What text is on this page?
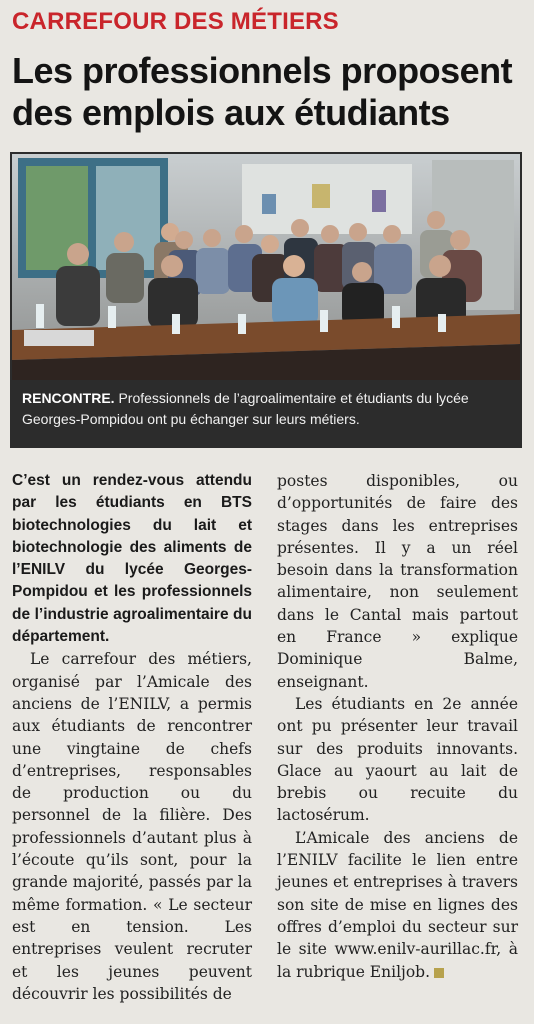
CARREFOUR DES MÉTIERS
Les professionnels proposent
des emplois aux étudiants
RENCONTRE. Professionnels de l’agroalimentaire et étudiants du lycée Georges-Pompidou ont pu échanger sur leurs métiers.

C’est un rendez-vous attendu par les étudiants en BTS biotechnologies du lait et biotechnologie des aliments de l’ENILV du lycée Georges-Pompidou et les professionnels de l’industrie agroalimentaire du département.

Le carrefour des métiers, organisé par l’Amicale des anciens de l’ENILV, a permis aux étudiants de rencontrer une vingtaine de chefs d’entreprises, responsables de production ou du personnel de la filière. Des professionnels d’autant plus à l’écoute qu’ils sont, pour la grande majorité, passés par la même formation. « Le secteur est en tension. Les entreprises veulent recruter et les jeunes peuvent découvrir les possibilités de

postes disponibles, ou d’opportunités de faire des stages dans les entreprises présentes. Il y a un réel besoin dans la transformation alimentaire, non seulement dans le Cantal mais partout en France » explique Dominique Balme, enseignant.

Les étudiants en 2e année ont pu présenter leur travail sur des produits innovants. Glace au yaourt au lait de brebis ou recuite du lactosérum.

L’Amicale des anciens de l’ENILV facilite le lien entre jeunes et entreprises à travers son site de mise en lignes des offres d’emploi du secteur sur le site www.enilv-aurillac.fr, à la rubrique Eniljob.
